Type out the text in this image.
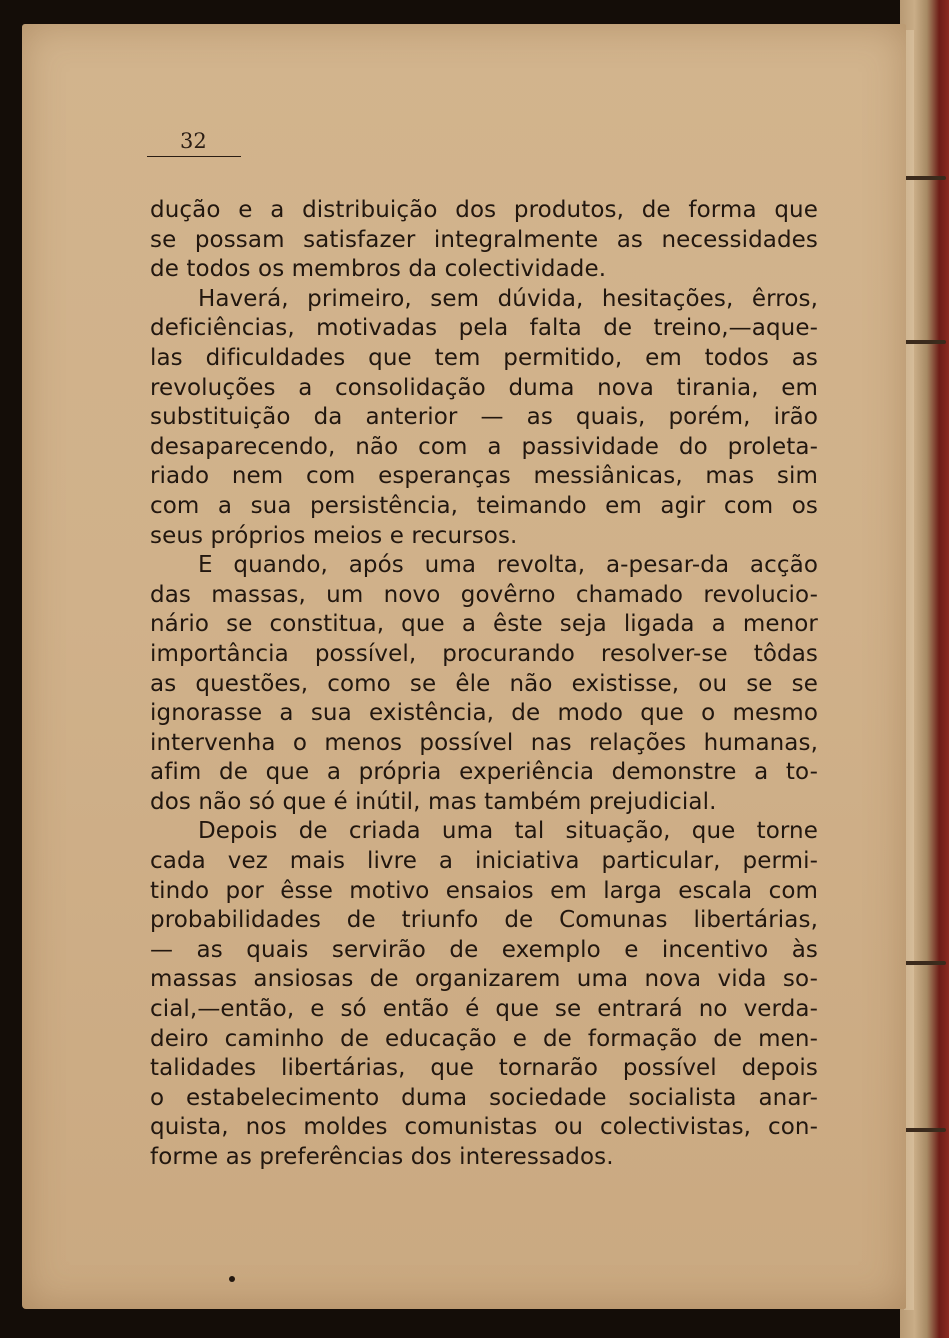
32
dução e a distribuição dos produtos, de forma que
se possam satisfazer integralmente as necessidades
de todos os membros da colectividade.
Haverá, primeiro, sem dúvida, hesitações, êrros,
deficiências, motivadas pela falta de treino,—aque-
las dificuldades que tem permitido, em todos as
revoluções a consolidação duma nova tirania, em
substituição da anterior — as quais, porém, irão
desaparecendo, não com a passividade do proleta-
riado nem com esperanças messiânicas, mas sim
com a sua persistência, teimando em agir com os
seus próprios meios e recursos.
E quando, após uma revolta, a-pesar-da acção
das massas, um novo govêrno chamado revolucio-
nário se constitua, que a êste seja ligada a menor
importância possível, procurando resolver-se tôdas
as questões, como se êle não existisse, ou se se
ignorasse a sua existência, de modo que o mesmo
intervenha o menos possível nas relações humanas,
afim de que a própria experiência demonstre a to-
dos não só que é inútil, mas também prejudicial.
Depois de criada uma tal situação, que torne
cada vez mais livre a iniciativa particular, permi-
tindo por êsse motivo ensaios em larga escala com
probabilidades de triunfo de Comunas libertárias,
— as quais servirão de exemplo e incentivo às
massas ansiosas de organizarem uma nova vida so-
cial,—então, e só então é que se entrará no verda-
deiro caminho de educação e de formação de men-
talidades libertárias, que tornarão possível depois
o estabelecimento duma sociedade socialista anar-
quista, nos moldes comunistas ou colectivistas, con-
forme as preferências dos interessados.
